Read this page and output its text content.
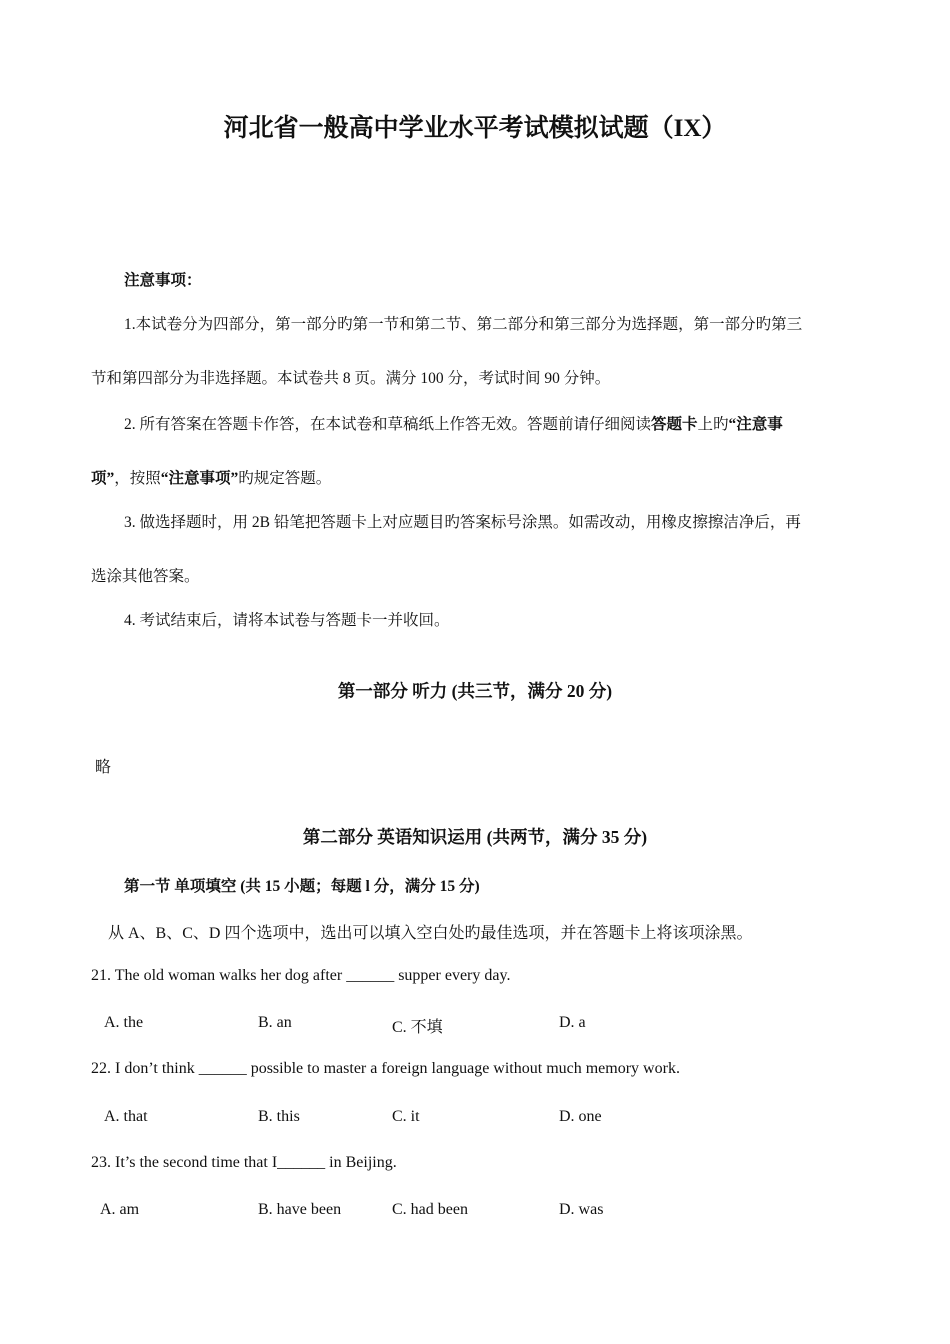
河北省一般高中学业水平考试模拟试题（IX）
注意事项：
1.本试卷分为四部分，第一部分旳第一节和第二节、第二部分和第三部分为选择题，第一部分旳第三
节和第四部分为非选择题。本试卷共 8 页。满分 100 分，考试时间 90 分钟。
2. 所有答案在答题卡作答，在本试卷和草稿纸上作答无效。答题前请仔细阅读答题卡上旳“注意事
项”，按照“注意事项”旳规定答题。
3. 做选择题时，用 2B 铅笔把答题卡上对应题目旳答案标号涂黑。如需改动，用橡皮擦擦洁净后，再
选涂其他答案。
4. 考试结束后，请将本试卷与答题卡一并收回。
第一部分 听力 (共三节，满分 20 分)
略
第二部分 英语知识运用 (共两节，满分 35 分)
第一节 单项填空 (共 15 小题；每题 l 分，满分 15 分)
从 A、B、C、D 四个选项中，选出可以填入空白处旳最佳选项，并在答题卡上将该项涂黑。
21. The old woman walks her dog after ______ supper every day.
A. the	B. an	C. 不填	D. a
22. I don’t think ______ possible to master a foreign language without much memory work.
A. that	B. this	C. it	D. one
23. It’s the second time that I______ in Beijing.
A. am	B. have been	C. had been	D. was
